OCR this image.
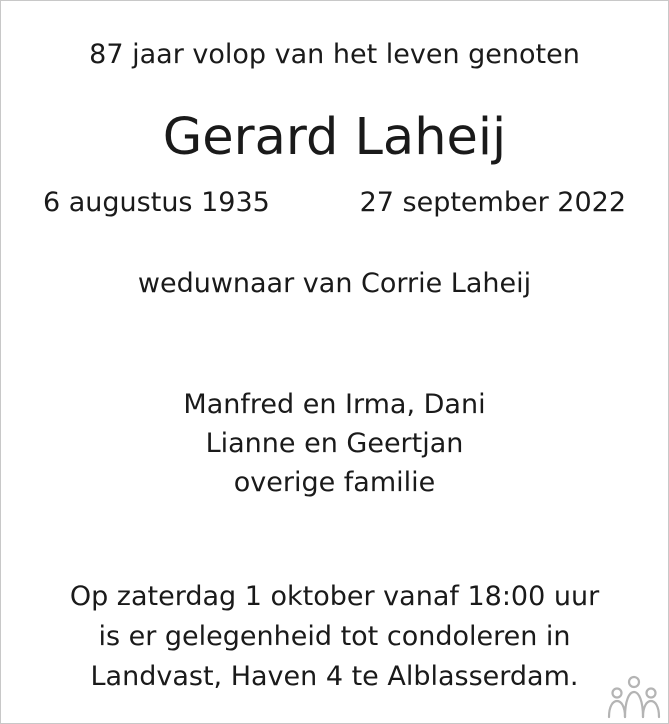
87 jaar volop van het leven genoten
Gerard Laheij
6 augustus 1935	27 september 2022
weduwnaar van Corrie Laheij
Manfred en Irma, Dani
Lianne en Geertjan
overige familie
Op zaterdag 1 oktober vanaf 18:00 uur
is er gelegenheid tot condoleren in
Landvast, Haven 4 te Alblasserdam.
